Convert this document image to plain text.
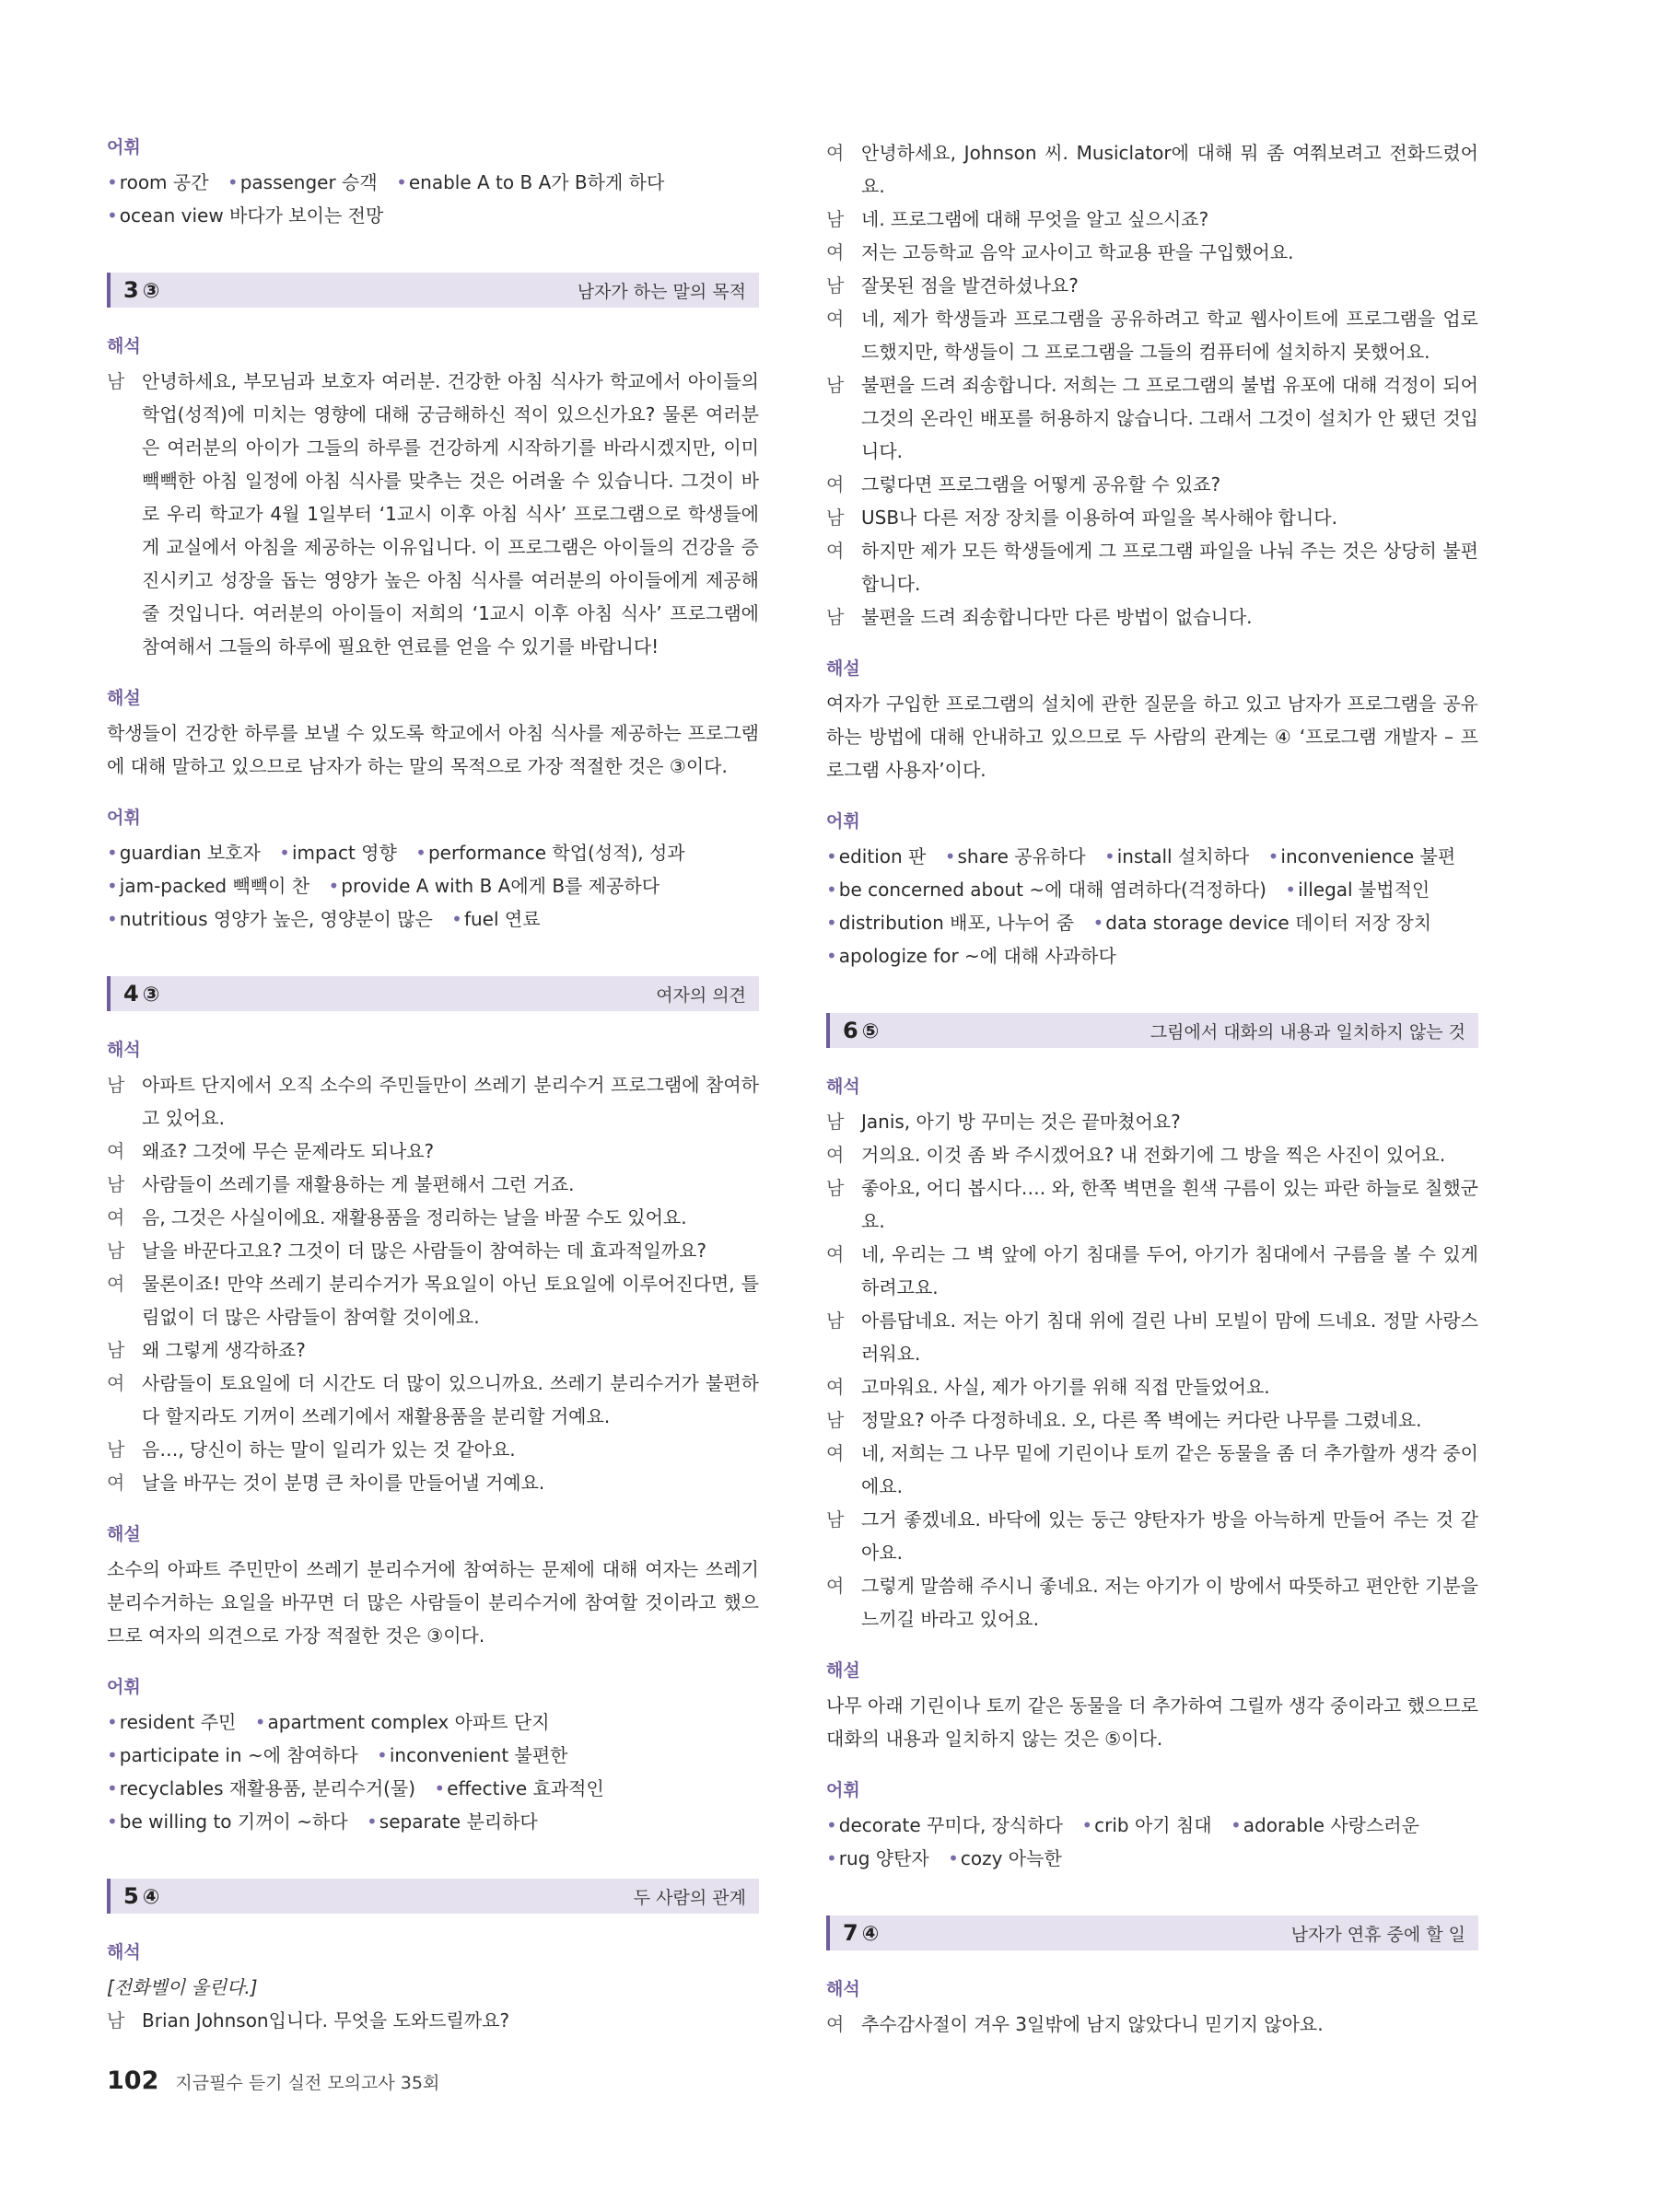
어휘
• room 공간 • passenger 승객 • enable A to B A가 B하게 하다 • ocean view 바다가 보이는 전망
3 ③	남자가 하는 말의 목적
해석
남 안녕하세요, 부모님과 보호자 여러분. 건강한 아침 식사가 학교에서 아이들의 학업(성적)에 미치는 영향에 대해 궁금해하신 적이 있으신가요? 물론 여러분은 여러분의 아이가 그들의 하루를 건강하게 시작하기를 바라시겠지만, 이미 빽빽한 아침 일정에 아침 식사를 맞추는 것은 어려울 수 있습니다. 그것이 바로 우리 학교가 4월 1일부터 ‘1교시 이후 아침 식사’ 프로그램으로 학생들에게 교실에서 아침을 제공하는 이유입니다. 이 프로그램은 아이들의 건강을 증진시키고 성장을 돕는 영양가 높은 아침 식사를 여러분의 아이들에게 제공해 줄 것입니다. 여러분의 아이들이 저희의 ‘1교시 이후 아침 식사’ 프로그램에 참여해서 그들의 하루에 필요한 연료를 얻을 수 있기를 바랍니다!
해설

학생들이 건강한 하루를 보낼 수 있도록 학교에서 아침 식사를 제공하는 프로그램에 대해 말하고 있으므로 남자가 하는 말의 목적으로 가장 적절한 것은 ③이다.

어휘
• guardian 보호자 • impact 영향 • performance 학업(성적), 성과 • jam-packed 빽빽이 찬 • provide A with B A에게 B를 제공하다 • nutritious 영양가 높은, 영양분이 많은 • fuel 연료
4 ③	여자의 의견
해석
남 아파트 단지에서 오직 소수의 주민들만이 쓰레기 분리수거 프로그램에 참여하고 있어요.
여 왜죠? 그것에 무슨 문제라도 되나요?
남 사람들이 쓰레기를 재활용하는 게 불편해서 그런 거죠.
여 음, 그것은 사실이에요. 재활용품을 정리하는 날을 바꿀 수도 있어요.
남 날을 바꾼다고요? 그것이 더 많은 사람들이 참여하는 데 효과적일까요?
여 물론이죠! 만약 쓰레기 분리수거가 목요일이 아닌 토요일에 이루어진다면, 틀림없이 더 많은 사람들이 참여할 것이에요.
남 왜 그렇게 생각하죠?
여 사람들이 토요일에 더 시간도 더 많이 있으니까요. 쓰레기 분리수거가 불편하다 할지라도 기꺼이 쓰레기에서 재활용품을 분리할 거예요.
남 음…, 당신이 하는 말이 일리가 있는 것 같아요.
여 날을 바꾸는 것이 분명 큰 차이를 만들어낼 거예요.
해설

소수의 아파트 주민만이 쓰레기 분리수거에 참여하는 문제에 대해 여자는 쓰레기 분리수거하는 요일을 바꾸면 더 많은 사람들이 분리수거에 참여할 것이라고 했으므로 여자의 의견으로 가장 적절한 것은 ③이다.

어휘
• resident 주민 • apartment complex 아파트 단지 • participate in ~에 참여하다 • inconvenient 불편한 • recyclables 재활용품, 분리수거(물) • effective 효과적인 • be willing to 기꺼이 ~하다 • separate 분리하다
5 ④	두 사람의 관계
해석
[전화벨이 울린다.]
남 Brian Johnson입니다. 무엇을 도와드릴까요?
여 안녕하세요, Johnson 씨. Musiclator에 대해 뭐 좀 여쭤보려고 전화드렸어요.
남 네. 프로그램에 대해 무엇을 알고 싶으시죠?
여 저는 고등학교 음악 교사이고 학교용 판을 구입했어요.
남 잘못된 점을 발견하셨나요?
여 네, 제가 학생들과 프로그램을 공유하려고 학교 웹사이트에 프로그램을 업로드했지만, 학생들이 그 프로그램을 그들의 컴퓨터에 설치하지 못했어요.
남 불편을 드려 죄송합니다. 저희는 그 프로그램의 불법 유포에 대해 걱정이 되어 그것의 온라인 배포를 허용하지 않습니다. 그래서 그것이 설치가 안 됐던 것입니다.
여 그렇다면 프로그램을 어떻게 공유할 수 있죠?
남 USB나 다른 저장 장치를 이용하여 파일을 복사해야 합니다.
여 하지만 제가 모든 학생들에게 그 프로그램 파일을 나눠 주는 것은 상당히 불편합니다.
남 불편을 드려 죄송합니다만 다른 방법이 없습니다.
해설

여자가 구입한 프로그램의 설치에 관한 질문을 하고 있고 남자가 프로그램을 공유하는 방법에 대해 안내하고 있으므로 두 사람의 관계는 ④ ‘프로그램 개발자 – 프로그램 사용자’이다.

어휘
• edition 판 • share 공유하다 • install 설치하다 • inconvenience 불편 • be concerned about ~에 대해 염려하다(걱정하다) • illegal 불법적인 • distribution 배포, 나누어 줌 • data storage device 데이터 저장 장치 • apologize for ~에 대해 사과하다
6 ⑤	그림에서 대화의 내용과 일치하지 않는 것
해석
남 Janis, 아기 방 꾸미는 것은 끝마쳤어요?
여 거의요. 이것 좀 봐 주시겠어요? 내 전화기에 그 방을 찍은 사진이 있어요.
남 좋아요, 어디 봅시다…. 와, 한쪽 벽면을 흰색 구름이 있는 파란 하늘로 칠했군요.
여 네, 우리는 그 벽 앞에 아기 침대를 두어, 아기가 침대에서 구름을 볼 수 있게 하려고요.
남 아름답네요. 저는 아기 침대 위에 걸린 나비 모빌이 맘에 드네요. 정말 사랑스러워요.
여 고마워요. 사실, 제가 아기를 위해 직접 만들었어요.
남 정말요? 아주 다정하네요. 오, 다른 쪽 벽에는 커다란 나무를 그렸네요.
여 네, 저희는 그 나무 밑에 기린이나 토끼 같은 동물을 좀 더 추가할까 생각 중이에요.
남 그거 좋겠네요. 바닥에 있는 둥근 양탄자가 방을 아늑하게 만들어 주는 것 같아요.
여 그렇게 말씀해 주시니 좋네요. 저는 아기가 이 방에서 따뜻하고 편안한 기분을 느끼길 바라고 있어요.
해설

나무 아래 기린이나 토끼 같은 동물을 더 추가하여 그릴까 생각 중이라고 했으므로 대화의 내용과 일치하지 않는 것은 ⑤이다.

어휘
• decorate 꾸미다, 장식하다 • crib 아기 침대 • adorable 사랑스러운 • rug 양탄자 • cozy 아늑한
7 ④	남자가 연휴 중에 할 일
해석
여 추수감사절이 겨우 3일밖에 남지 않았다니 믿기지 않아요.
102 지금필수 듣기 실전 모의고사 35회
